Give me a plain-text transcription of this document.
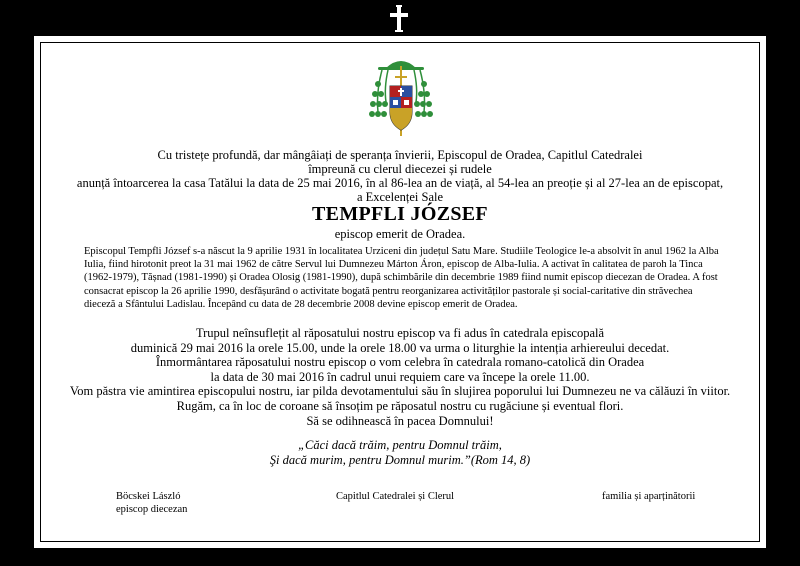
Cu tristețe profundă, dar mângâiați de speranța învierii, Episcopul de Oradea, Capitlul Catedralei
împreună cu clerul diecezei și rudele
anunță întoarcerea la casa Tatălui la data de 25 mai 2016, în al 86-lea an de viață, al 54-lea an preoție și al 27-lea an de episcopat,
a Excelenței Sale
TEMPFLI JÓZSEF
episcop emerit de Oradea.
Episcopul Tempfli József s-a născut la 9 aprilie 1931 în localitatea Urziceni din județul Satu Mare. Studiile Teologice le-a absolvit în anul 1962 la Alba
Iulia, fiind hirotonit preot la 31 mai 1962 de către Servul lui Dumnezeu Márton Áron, episcop de Alba-Iulia. A activat în calitatea de paroh la Tinca
(1962-1979), Tășnad (1981-1990) și Oradea Olosig (1981-1990), după schimbările din decembrie 1989 fiind numit episcop diecezan de Oradea. A fost
consacrat episcop la 26 aprilie 1990, desfășurând o activitate bogată pentru reorganizarea activităților pastorale și social-caritative din străvechea
dieceză a Sfântului Ladislau. Începând cu data de 28 decembrie 2008 devine episcop emerit de Oradea.
Trupul neînsuflețit al răposatului nostru episcop va fi adus în catedrala episcopală
duminică 29 mai 2016 la orele 15.00, unde la orele 18.00 va urma o liturghie la intenția arhiereului decedat.
Înmormântarea răposatului nostru episcop o vom celebra în catedrala romano-catolică din Oradea
la data de 30 mai 2016 în cadrul unui requiem care va începe la orele 11.00.
Vom păstra vie amintirea episcopului nostru, iar pilda devotamentului său în slujirea poporului lui Dumnezeu ne va călăuzi în viitor.
Rugăm, ca în loc de coroane să însoțim pe răposatul nostru cu rugăciune și eventual flori.
Să se odihnească în pacea Domnului!
„Căci dacă trăim, pentru Domnul trăim,
Şi dacă murim, pentru Domnul murim.”(Rom 14, 8)
Böcskei László
episcop diecezan
Capitlul Catedralei și Clerul	familia și aparținătorii
